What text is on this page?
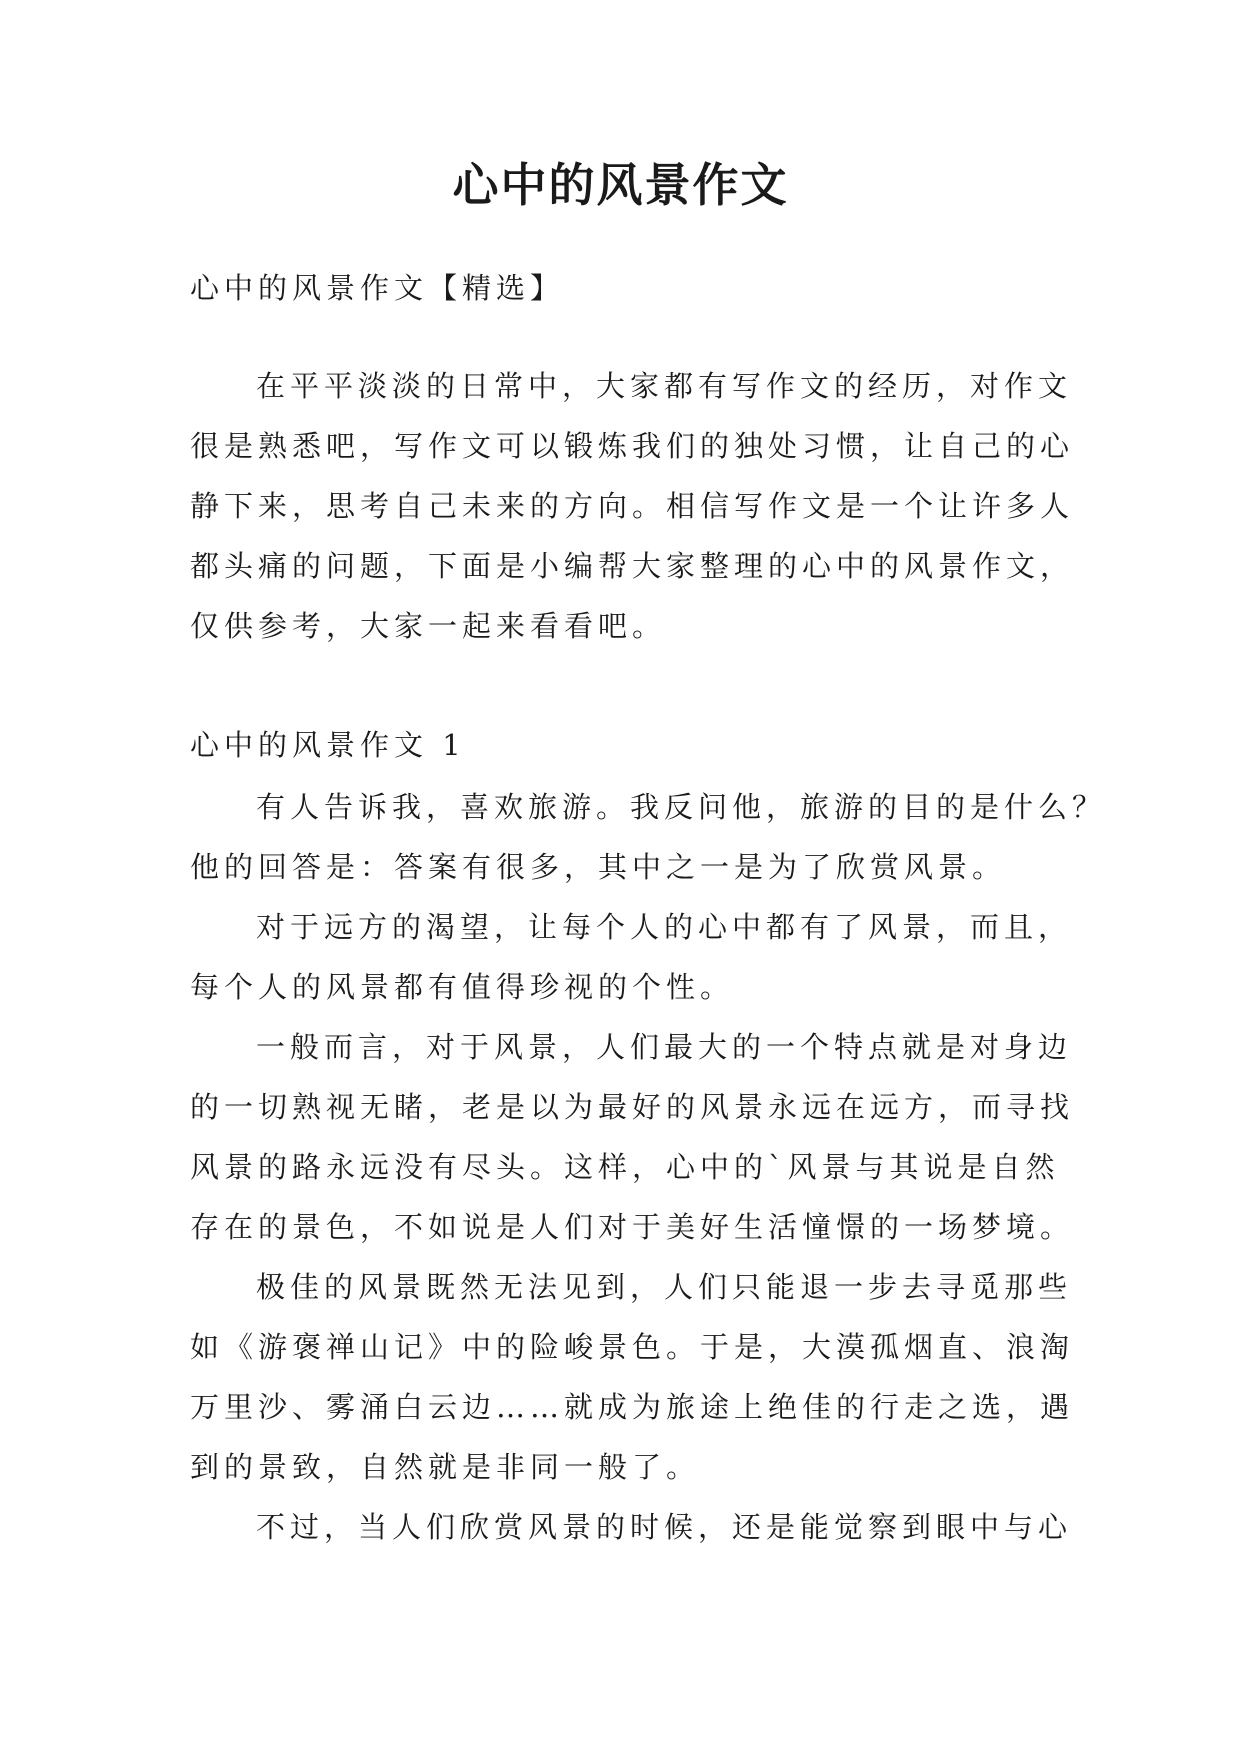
心中的风景作文

心中的风景作文【精选】

在平平淡淡的日常中，大家都有写作文的经历，对作文
很是熟悉吧，写作文可以锻炼我们的独处习惯，让自己的心
静下来，思考自己未来的方向。相信写作文是一个让许多人
都头痛的问题，下面是小编帮大家整理的心中的风景作文，
仅供参考，大家一起来看看吧。

心中的风景作文 1

有人告诉我，喜欢旅游。我反问他，旅游的目的是什么？
他的回答是：答案有很多，其中之一是为了欣赏风景。
对于远方的渴望，让每个人的心中都有了风景，而且，
每个人的风景都有值得珍视的个性。
一般而言，对于风景，人们最大的一个特点就是对身边
的一切熟视无睹，老是以为最好的风景永远在远方，而寻找
风景的路永远没有尽头。这样，心中的`风景与其说是自然
存在的景色，不如说是人们对于美好生活憧憬的一场梦境。
极佳的风景既然无法见到，人们只能退一步去寻觅那些
如《游褒禅山记》中的险峻景色。于是，大漠孤烟直、浪淘
万里沙、雾涌白云边……就成为旅途上绝佳的行走之选，遇
到的景致，自然就是非同一般了。
不过，当人们欣赏风景的时候，还是能觉察到眼中与心
